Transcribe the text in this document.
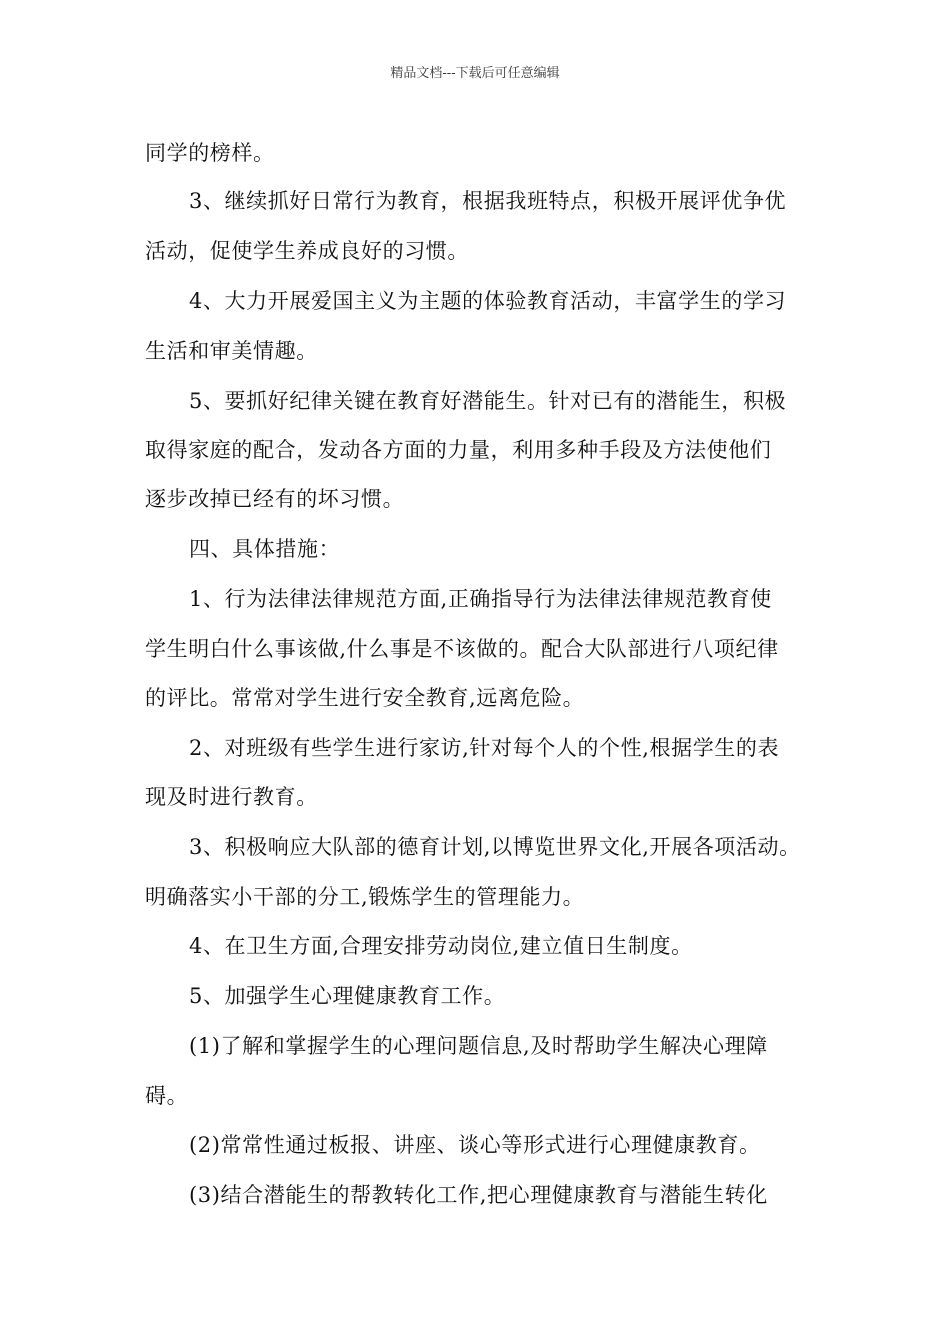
精品文档---下载后可任意编辑
同学的榜样。
3、继续抓好日常行为教育，根据我班特点，积极开展评优争优
活动，促使学生养成良好的习惯。
4、大力开展爱国主义为主题的体验教育活动，丰富学生的学习
生活和审美情趣。
5、要抓好纪律关键在教育好潜能生。针对已有的潜能生，积极
取得家庭的配合，发动各方面的力量，利用多种手段及方法使他们
逐步改掉已经有的坏习惯。
四、具体措施：
1、行为法律法律规范方面,正确指导行为法律法律规范教育使
学生明白什么事该做,什么事是不该做的。配合大队部进行八项纪律
的评比。常常对学生进行安全教育,远离危险。
2、对班级有些学生进行家访,针对每个人的个性,根据学生的表
现及时进行教育。
3、积极响应大队部的德育计划,以博览世界文化,开展各项活动。
明确落实小干部的分工,锻炼学生的管理能力。
4、在卫生方面,合理安排劳动岗位,建立值日生制度。
5、加强学生心理健康教育工作。
(1)了解和掌握学生的心理问题信息,及时帮助学生解决心理障
碍。
(2)常常性通过板报、讲座、谈心等形式进行心理健康教育。
(3)结合潜能生的帮教转化工作,把心理健康教育与潜能生转化
